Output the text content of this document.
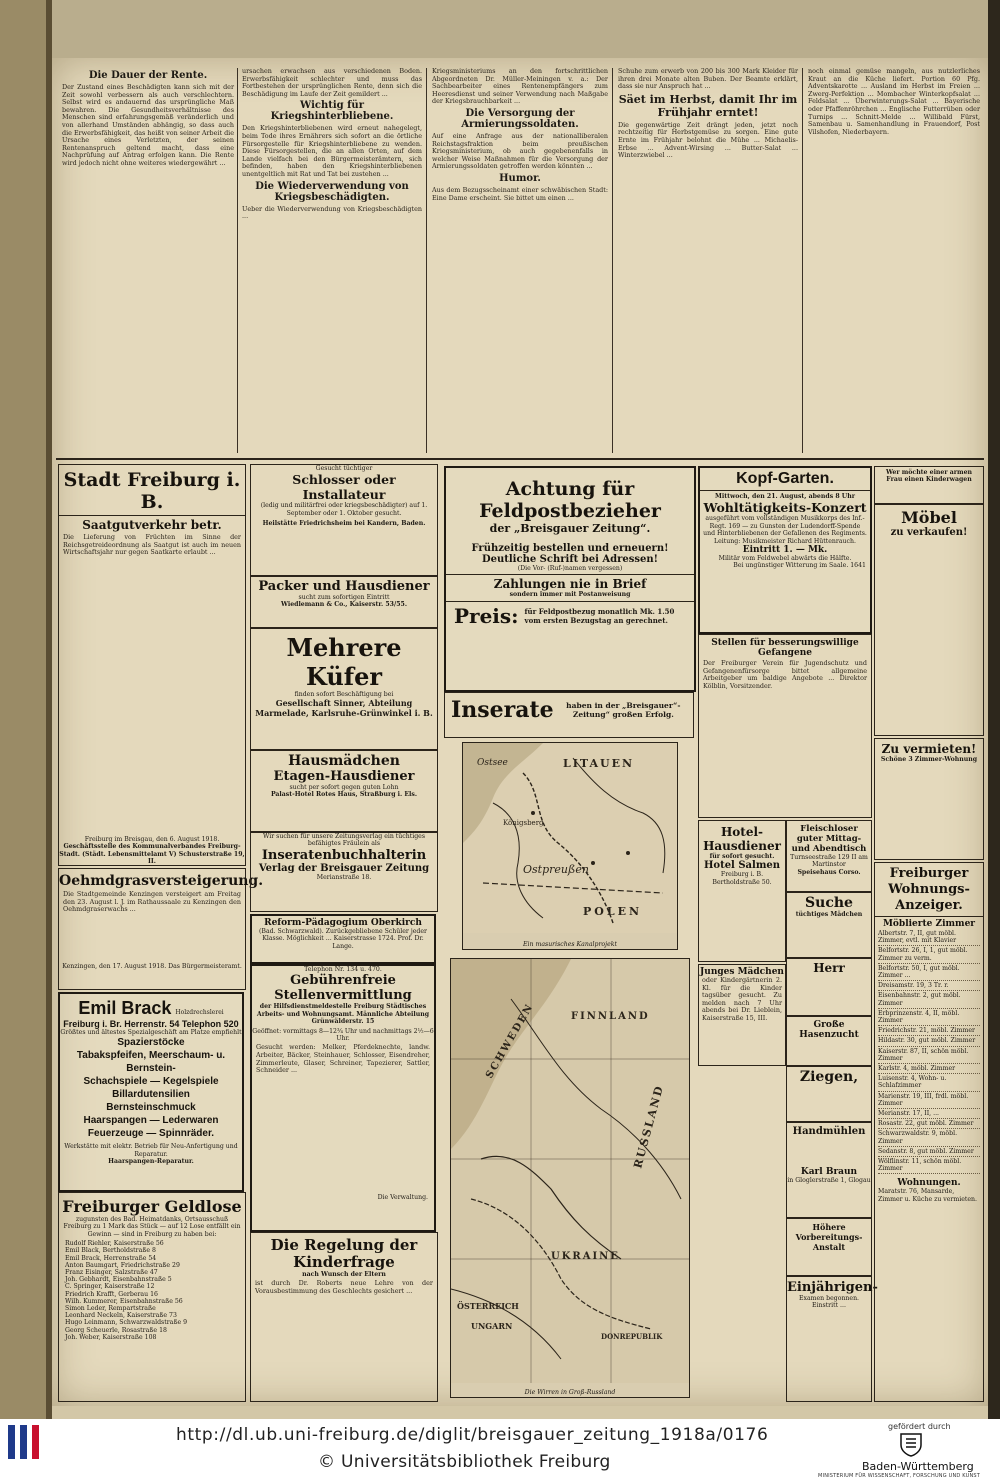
Die Dauer der Rente.
Der Zustand eines Beschädigten kann sich mit der Zeit sowohl verbessern als auch verschlechtern. Selbst wird es andauernd das ursprüngliche Maß bewahren. Die Gesundheitsverhältnisse des Menschen sind erfahrungsgemäß veränderlich und von allerhand Umständen abhängig, so dass auch die Erwerbsfähigkeit, das heißt von seiner Arbeit die Ursache eines Verletzten, der seinen Rentenanspruch geltend macht, dass eine Nachprüfung auf Antrag erfolgen kann. Die Rente wird jedoch nicht ohne weiteres wiedergewährt ...
ursachen erwachsen aus verschiedenen Boden. Erwerbsfähigkeit schlechter und muss das Fortbestehen der ursprünglichen Rente, denn sich die Beschädigung im Laufe der Zeit gemildert ...
Wichtig für Kriegshinterbliebene.
Den Kriegshinterbliebenen wird erneut nahegelegt, beim Tode ihres Ernährers sich sofort an die örtliche Fürsorgestelle für Kriegshinterbliebene zu wenden. Diese Fürsorgestellen, die an allen Orten, auf dem Lande vielfach bei den Bürgermeisterämtern, sich befinden, haben den Kriegshinterbliebenen unentgeltlich mit Rat und Tat bei zustehen ...
Die Wiederverwendung von Kriegsbeschädigten.
Ueber die Wiederverwendung von Kriegsbeschädigten ...
Kriegsministeriums an den fortschrittlichen Abgeordneten Dr. Müller-Meiningen v. a.: Der Sachbearbeiter eines Rentenempfängers zum Heeresdienst und seiner Verwendung nach Maßgabe der Kriegsbrauchbarkeit ...
Die Versorgung der Armierungssoldaten.
Auf eine Anfrage aus der nationalliberalen Reichstagsfraktion beim preußischen Kriegsministerium, ob auch gegebenenfalls in welcher Weise Maßnahmen für die Versorgung der Armierungssoldaten getroffen werden könnten ...
Humor.
Aus dem Bezugsscheinamt einer schwäbischen Stadt: Eine Dame erscheint. Sie bittet um einen ...
Schuhe zum erwerb von 200 bis 300 Mark Kleider für ihren drei Monate alten Buben. Der Beamte erklärt, dass sie nur Anspruch hat ...
Säet im Herbst, damit Ihr im Frühjahr erntet!
Die gegenwärtige Zeit drängt jeden, jetzt noch rechtzeitig für Herbstgemüse zu sorgen. Eine gute Ernte im Frühjahr belohnt die Mühe ... Michaelis-Erbse ... Advent-Wirsing ... Butter-Salat ... Winterzwiebel ...
noch einmal gemüse mangeln, aus nutzlerliches Kraut an die Küche liefert. Portion 60 Pfg. Adventskarotte ... Ausland im Herbst im Freien ... Zwerg-Perfektion ... Mombacher Winterkopfsalat ... Feldsalat ... Überwinterungs-Salat ... Bayerische oder Pfaffenröhrchen ... Englische Futterrüben oder Turnips ... Schnitt-Melde ... Willibald Fürst, Samenbau u. Samenhandlung in Frauendorf, Post Vilshofen, Niederbayern.
Stadt Freiburg i. B.
Saatgutverkehr betr.
Die Lieferung von Früchten im Sinne der Reichsgetreideordnung als Saatgut ist auch im neuen Wirtschaftsjahr nur gegen Saatkarte erlaubt ...
Freiburg im Breisgau, den 6. August 1918.
Geschäftsstelle des Kommunalverbandes Freiburg-Stadt. (Städt. Lebensmittelamt V) Schusterstraße 19, II.
Oehmdgrasversteigerung.
Die Stadtgemeinde Kenzingen versteigert am Freitag den 23. August l. J. im Rathaussaale zu Kenzingen den Oehmdgraserwachs ...
Kenzingen, den 17. August 1918. Das Bürgermeisteramt.
Emil Brack Holzdrechslerei
Freiburg i. Br. Herrenstr. 54 Telephon 520
Größtes und ältestes Spezialgeschäft am Platze empfiehlt
Spazierstöcke
Tabakspfeifen, Meerschaum- u. Bernstein-
Schachspiele — Kegelspiele
Billardutensilien
Bernsteinschmuck
Haarspangen — Lederwaren
Feuerzeuge — Spinnräder.
Werkstätte mit elektr. Betrieb für Neu-Anfertigung und Reparatur.
Haarspangen-Reparatur.
Freiburger Geldlose
zugunsten des Bad. Heimatdanks, Ortsausschuß Freiburg zu 1 Mark das Stück — auf 12 Lose entfällt ein Gewinn — sind in Freiburg zu haben bei:
Rudolf Riehler, Kaiserstraße 56
Emil Black, Bertholdstraße 8
Emil Brack, Herrenstraße 54
Anton Baumgart, Friedrichstraße 29
Franz Eisinger, Salzstraße 47
Joh. Gebhardt, Eisenbahnstraße 5
C. Springer, Kaiserstraße 12
Friedrich Krafft, Gerberau 16
Wilh. Kummerer, Eisenbahnstraße 56
Simon Leder, Rempartstraße
Leonhard Neckeln, Kaiserstraße 73
Hugo Leinmann, Schwarzwaldstraße 9
Georg Scheuerle, Rosastraße 18
Joh. Weber, Kaiserstraße 108
Gesucht tüchtiger
Schlosser oder Installateur
(ledig und militärfrei oder kriegsbeschädigter) auf 1. September oder 1. Oktober gesucht.
Heilstätte Friedrichsheim bei Kandern, Baden.
Packer und Hausdiener
sucht zum sofortigen Eintritt
Wiedlemann & Co., Kaiserstr. 53/55.
Mehrere Küfer
finden sofort Beschäftigung bei
Gesellschaft Sinner, Abteilung Marmelade, Karlsruhe-Grünwinkel i. B.
Hausmädchen
Etagen-Hausdiener
sucht per sofort gegen guten Lohn
Palast-Hotel Rotes Haus, Straßburg i. Els.
Wir suchen für unsere Zeitungsverlag ein tüchtiges befähigtes Fräulein als
Inseratenbuchhalterin
Verlag der Breisgauer Zeitung
Merianstraße 18.
Reform-Pädagogium Oberkirch
(Bad. Schwarzwald). Zurückgebliebene Schüler jeder Klasse. Möglichkeit ... Kaiserstrasse 1724. Prof. Dr. Lange.
Telephon Nr. 134 u. 470.
Gebührenfreie Stellenvermittlung
der Hilfsdienstmeldestelle Freiburg Städtisches Arbeits- und Wohnungsamt. Männliche Abteilung Grünwälderstr. 15
Geöffnet: vormittags 8—12¾ Uhr und nachmittags 2½—6 Uhr.
Gesucht werden: Melker, Pferdeknechte, landw. Arbeiter, Bäcker, Steinhauer, Schlosser, Eisendreher, Zimmerleute, Glaser, Schreiner, Tapezierer, Sattler, Schneider ...
Die Verwaltung.
Die Regelung der Kinderfrage
nach Wunsch der Eltern
ist durch Dr. Roberts neue Lehre von der Vorausbestimmung des Geschlechts gesichert ...
Achtung für Feldpostbezieher
der „Breisgauer Zeitung“.
Frühzeitig bestellen und erneuern!
Deutliche Schrift bei Adressen!
(Die Vor- (Ruf-)namen vergessen)
Zahlungen nie in Brief
sondern immer mit Postanweisung
Preis: für Feldpostbezug monatlich Mk. 1.50 vom ersten Bezugstag an gerechnet.
Inserate	haben in der „Breisgauer“-Zeitung“ großen Erfolg.
Ostsee	LITAUEN
Königsberg
Ostpreußen
POLEN
Ein masurisches Kanalprojekt
SCHWEDEN	FINNLAND
RUSSLAND
UKRAINE
ÖSTERREICH
UNGARN
DONREPUBLIK
Die Wirren in Groß-Russland
Kopf-Garten.
Mittwoch, den 21. August, abends 8 Uhr
Wohltätigkeits-Konzert
ausgeführt vom vollständigen Musikkorps des Inf.-Regt. 169 — zu Gunsten der Ludendorff-Spende und Hinterbliebenen der Gefallenen des Regiments.
Leitung: Musikmeister Richard Hüttenrauch.
Eintritt 1. — Mk.
Militär vom Feldwebel abwärts die Hälfte.
Bei ungünstiger Witterung im Saale. 1641
Stellen für besserungswillige Gefangene
Der Freiburger Verein für Jugendschutz und Gefangenenfürsorge bittet allgemeine Arbeitgeber um baldige Angebote ... Direktor Kölblin, Vorsitzender.
Hotel-Hausdiener
für sofort gesucht.
Hotel Salmen
Freiburg i. B. Bertholdstraße 50.
Fleischloser guter Mittag- und Abendtisch
Turnseestraße 129 II am Martinstor
Speisehaus Corso.
Suche
tüchtiges Mädchen
Herr
Junges Mädchen
oder Kindergärtnerin 2. Kl. für die Kinder tagsüber gesucht. Zu melden nach 7 Uhr abends bei Dr. Lieblein, Kaiserstraße 15, III.
Große Hasenzucht
Ziegen,
Handmühlen
Karl Braun
in Gloglerstraße 1, Glogau
Höhere Vorbereitungs-Anstalt
Einjährigen-
Examen begonnen. Einstritt ...
Wer möchte einer armen Frau einen Kinderwagen
Möbel
zu verkaufen!
Zu vermieten!
Schöne 3 Zimmer-Wohnung
Freiburger Wohnungs-Anzeiger.
Möblierte Zimmer
Albertstr. 7, II, gut möbl. Zimmer, evtl. mit Klavier
Belfortstr. 26, I, 1, gut möbl. Zimmer zu verm.
Belfortstr. 50, I, gut möbl. Zimmer ...
Dreisamstr. 19, 3 Tr. r.
Eisenbahnstr. 2, gut möbl. Zimmer
Erbprinzenstr. 4, II, möbl. Zimmer
Friedrichstr. 21, möbl. Zimmer
Hildastr. 30, gut möbl. Zimmer
Kaiserstr. 87, II, schön möbl. Zimmer
Karlstr. 4, möbl. Zimmer
Luisenstr. 4, Wohn- u. Schlafzimmer
Marienstr. 19, III, frdl. möbl. Zimmer
Merianstr. 17, II, ...
Rosastr. 22, gut möbl. Zimmer
Schwarzwaldstr. 9, möbl. Zimmer
Sedanstr. 8, gut möbl. Zimmer
Wölflinstr. 11, schön möbl. Zimmer
Wohnungen.
Maratstr. 76, Mansarde, Zimmer u. Küche zu vermieten.
http://dl.ub.uni-freiburg.de/diglit/breisgauer_zeitung_1918a/0176
© Universitätsbibliothek Freiburg
gefördert durch
Baden-Württemberg
MINISTERIUM FÜR WISSENSCHAFT, FORSCHUNG UND KUNST
